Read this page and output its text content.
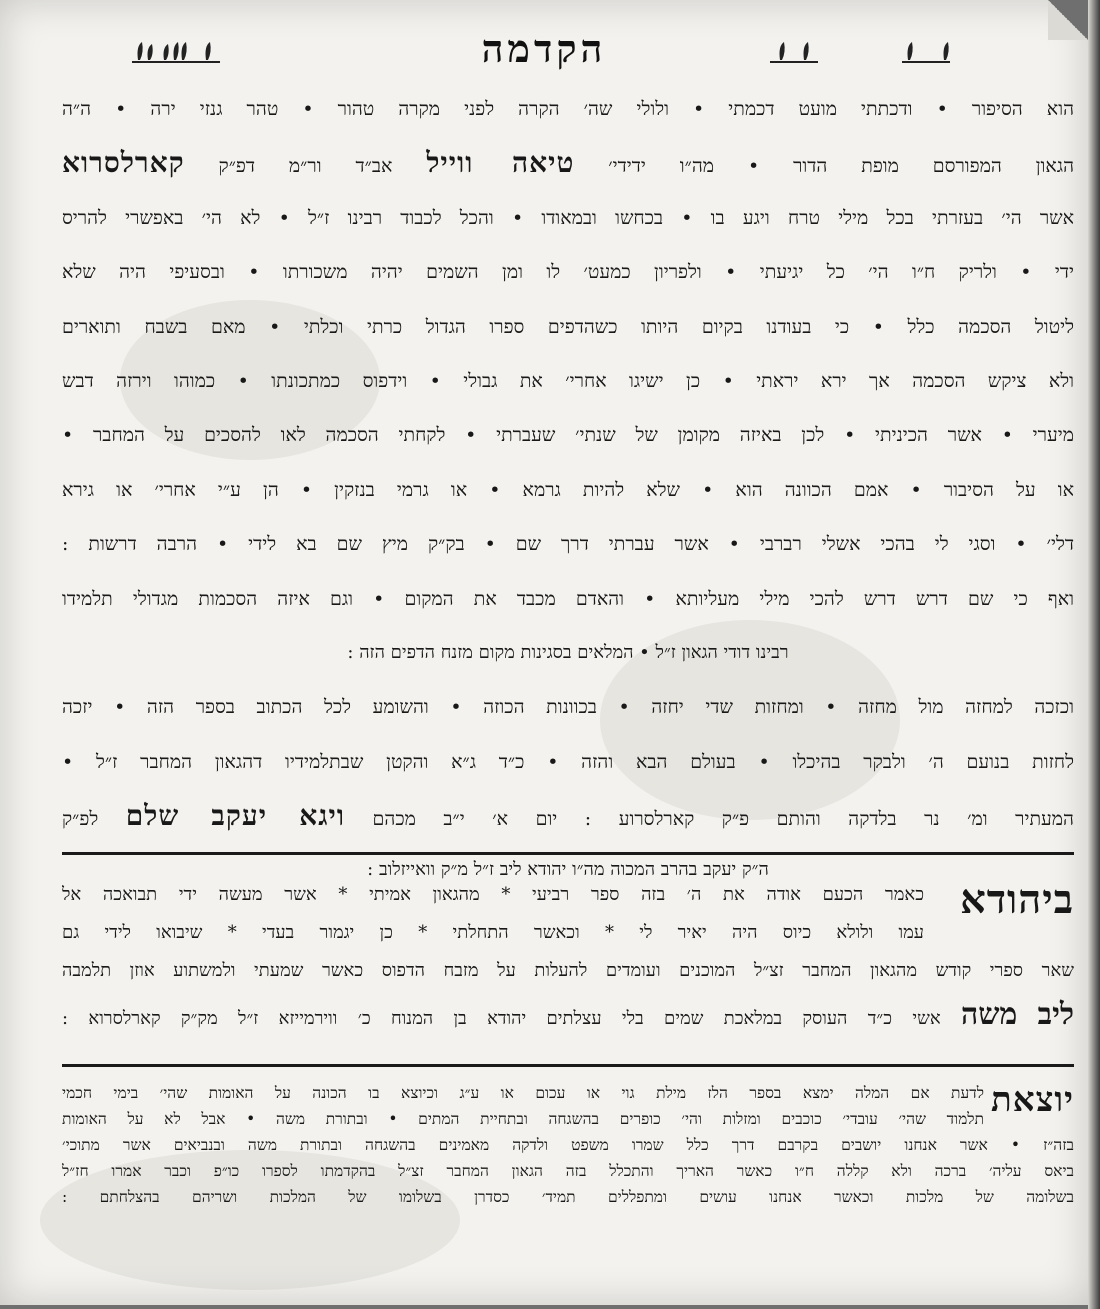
הקדמה
הוא הסיפור • ודכתתי מועט דכמתי • ולולי שה׳ הקרה לפני מקרה טהור • טהר גנזי ירה • ה״ה
הגאון המפורסם מופת הדור • מה״ו ידידי׳ טיאה ווייל אב״ד ור״מ דפ״ק קארלסרוא
אשר הי׳ בעזרתי בכל מילי טרח ויגע בו • בכחשו ובמאודו • והכל לכבוד רבינו ז״ל • לא הי׳ באפשרי להריס
ידי • ולריק ח״ו הי׳ כל יגיעתי • ולפריון כמעט׳ לו ומן השמים יהיה משכורתו • ובסעיפי היה שלא
ליטול הסכמה כלל • כי בעודנו בקיום היותו כשהדפים ספרו הגדול כרתי וכלתי • מאם בשבח ותוארים
ולא ציקש הסכמה אך ירא יראתי • כן ישיגו אחרי׳ את גבולי • וידפוס כמתכונתו • כמוהו וירזה דבש
מיערי • אשר הכיניתי • לכן באיזה מקומן של שנתי׳ שעברתי • לקחתי הסכמה לאו להסכים על המחבר •
או על הסיבור • אמם הכוונה הוא • שלא להיות גרמא • או גרמי בנזקין • הן ע״י אחרי׳ או גירא
דלי׳ • וסגי לי בהכי אשלי רברבי • אשר עברתי דרך שם • בק״ק מיץ שם בא לידי • הרבה דרשות :
ואף כי שם דרש דרש להכי מילי מעליותא • והאדם מכבד את המקום • וגם איזה הסכמות מגדולי תלמידו
רבינו דודי הגאון ז״ל • המלאים בסגינות מקום מזנח הדפים הזה :
וכזכה למחזה מול מחזה • ומחזות שדי יחזה • בכוונות הכוזה • והשומע לכל הכתוב בספר הזה • יזכה
לחזות בנועם ה׳ ולבקר בהיכלו • בעולם הבא והזה • כ״ד ג״א והקטן שבתלמידיו דהגאון המחבר ז״ל •
המעתיר ומ׳ נר בלדקה והותם פ״ק קארלסרוע : יום א׳ י״ב מכהם ויגא יעקב שלם לפ״ק
ה״ק יעקב בהרב המכוה מה״ו יהודא ליב ז״ל מ״ק וואייזלוב :
ביהודא
כאמר הכעם אודה את ה׳ בזה ספר רביעי * מהגאון אמיתי * אשר מעשה ידי תבואכה אל
עמו ולולא כיוס היה יאיר לי * וכאשר התחלתי * כן יגמור בעדי * שיבואו לידי גם
שאר ספרי קודש מהגאון המחבר זצ״ל המוכנים ועומדים להעלות על מזבח הדפוס כאשר שמעתי ולמשתוע אוזן תלמבה
ליב משה אשי כ״ד העוסק במלאכת שמים בלי עצלתים יהודא בן המנוח כ׳ ווירמייזא ז״ל מק״ק קארלסרוא :
יוצאת
לדעת אם המלה ימצא בספר הלז מילת גוי או עכום או ע״ג וכיוצא בו הכונה על האומות שהי׳ בימי חכמי
תלמוד שהי׳ עובדי׳ כוכבים ומזלות והי׳ כופרים בהשגחה ובתחיית המתים • ובתורת משה • אבל לא על האומות
בזה״ז • אשר אנחנו יושבים בקרבם דרך כלל שמרו משפט ולדקה מאמינים בהשגחה ובתורת משה ובנביאים אשר מתוכי׳
ביאס עליה׳ ברכה ולא קללה ח״ו כאשר האריך והתכלל בזה הגאון המחבר זצ״ל בהקדמתו לספרו כו״פ וכבר אמרו חז״ל
בשלומה של מלכות וכאשר אנחנו עושים ומתפללים תמיד׳ כסדרן בשלומו של המלכות ושריהם בהצלחתם :
